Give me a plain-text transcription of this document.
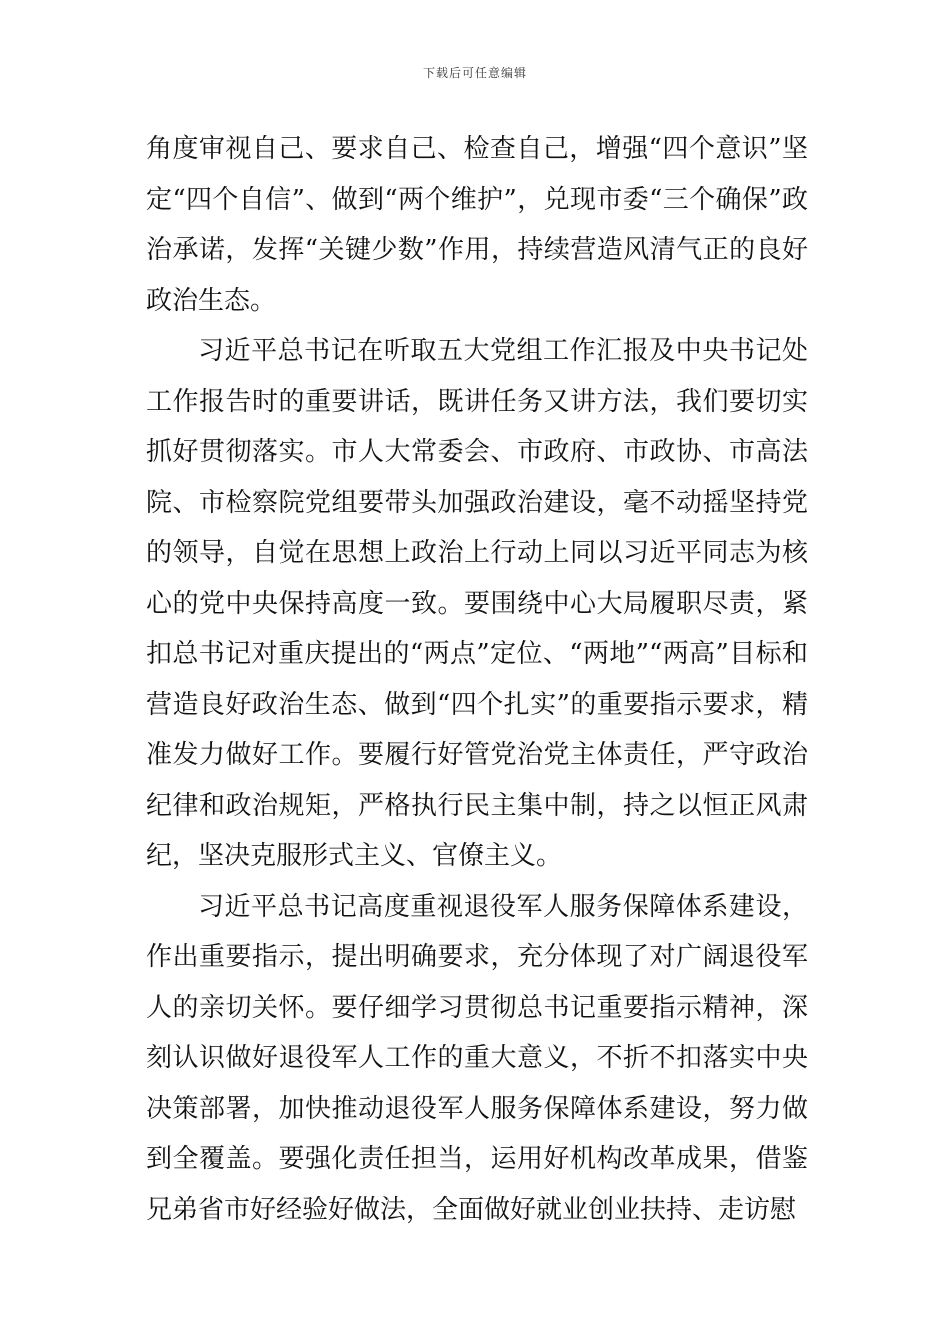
下载后可任意编辑

角度审视自己、要求自己、检查自己，增强“四个意识”坚定“四个自信”、做到“两个维护”，兑现市委“三个确保”政治承诺，发挥“关键少数”作用，持续营造风清气正的良好政治生态。

习近平总书记在听取五大党组工作汇报及中央书记处工作报告时的重要讲话，既讲任务又讲方法，我们要切实抓好贯彻落实。市人大常委会、市政府、市政协、市高法院、市检察院党组要带头加强政治建设，毫不动摇坚持党的领导，自觉在思想上政治上行动上同以习近平同志为核心的党中央保持高度一致。要围绕中心大局履职尽责，紧扣总书记对重庆提出的“两点”定位、“两地”“两高”目标和营造良好政治生态、做到“四个扎实”的重要指示要求，精准发力做好工作。要履行好管党治党主体责任，严守政治纪律和政治规矩，严格执行民主集中制，持之以恒正风肃纪，坚决克服形式主义、官僚主义。

习近平总书记高度重视退役军人服务保障体系建设，作出重要指示，提出明确要求，充分体现了对广阔退役军人的亲切关怀。要仔细学习贯彻总书记重要指示精神，深刻认识做好退役军人工作的重大意义，不折不扣落实中央决策部署，加快推动退役军人服务保障体系建设，努力做到全覆盖。要强化责任担当，运用好机构改革成果，借鉴兄弟省市好经验好做法，全面做好就业创业扶持、走访慰
